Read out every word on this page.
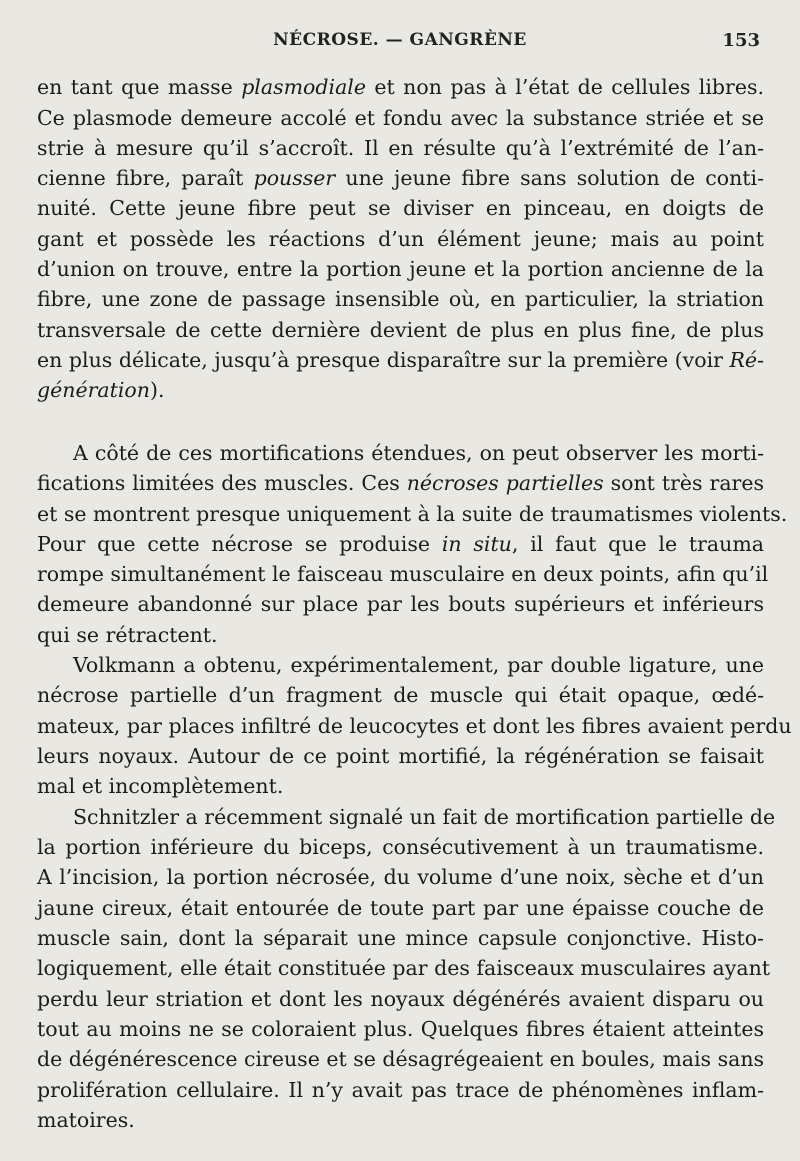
NÉCROSE. — GANGRÈNE	153
en tant que masse plasmodiale et non pas à l’état de cellules libres.
Ce plasmode demeure accolé et fondu avec la substance striée et se
strie à mesure qu’il s’accroît. Il en résulte qu’à l’extrémité de l’an-
cienne fibre, paraît pousser une jeune fibre sans solution de conti-
nuité. Cette jeune fibre peut se diviser en pinceau, en doigts de
gant et possède les réactions d’un élément jeune; mais au point
d’union on trouve, entre la portion jeune et la portion ancienne de la
fibre, une zone de passage insensible où, en particulier, la striation
transversale de cette dernière devient de plus en plus fine, de plus
en plus délicate, jusqu’à presque disparaître sur la première (voir Ré-
génération).
A côté de ces mortifications étendues, on peut observer les morti-
fications limitées des muscles. Ces nécroses partielles sont très rares
et se montrent presque uniquement à la suite de traumatismes violents.
Pour que cette nécrose se produise in situ, il faut que le trauma
rompe simultanément le faisceau musculaire en deux points, afin qu’il
demeure abandonné sur place par les bouts supérieurs et inférieurs
qui se rétractent.
Volkmann a obtenu, expérimentalement, par double ligature, une
nécrose partielle d’un fragment de muscle qui était opaque, œdé-
mateux, par places infiltré de leucocytes et dont les fibres avaient perdu
leurs noyaux. Autour de ce point mortifié, la régénération se faisait
mal et incomplètement.
Schnitzler a récemment signalé un fait de mortification partielle de
la portion inférieure du biceps, consécutivement à un traumatisme.
A l’incision, la portion nécrosée, du volume d’une noix, sèche et d’un
jaune cireux, était entourée de toute part par une épaisse couche de
muscle sain, dont la séparait une mince capsule conjonctive. Histo-
logiquement, elle était constituée par des faisceaux musculaires ayant
perdu leur striation et dont les noyaux dégénérés avaient disparu ou
tout au moins ne se coloraient plus. Quelques fibres étaient atteintes
de dégénérescence cireuse et se désagrégeaient en boules, mais sans
prolifération cellulaire. Il n’y avait pas trace de phénomènes inflam-
matoires.
